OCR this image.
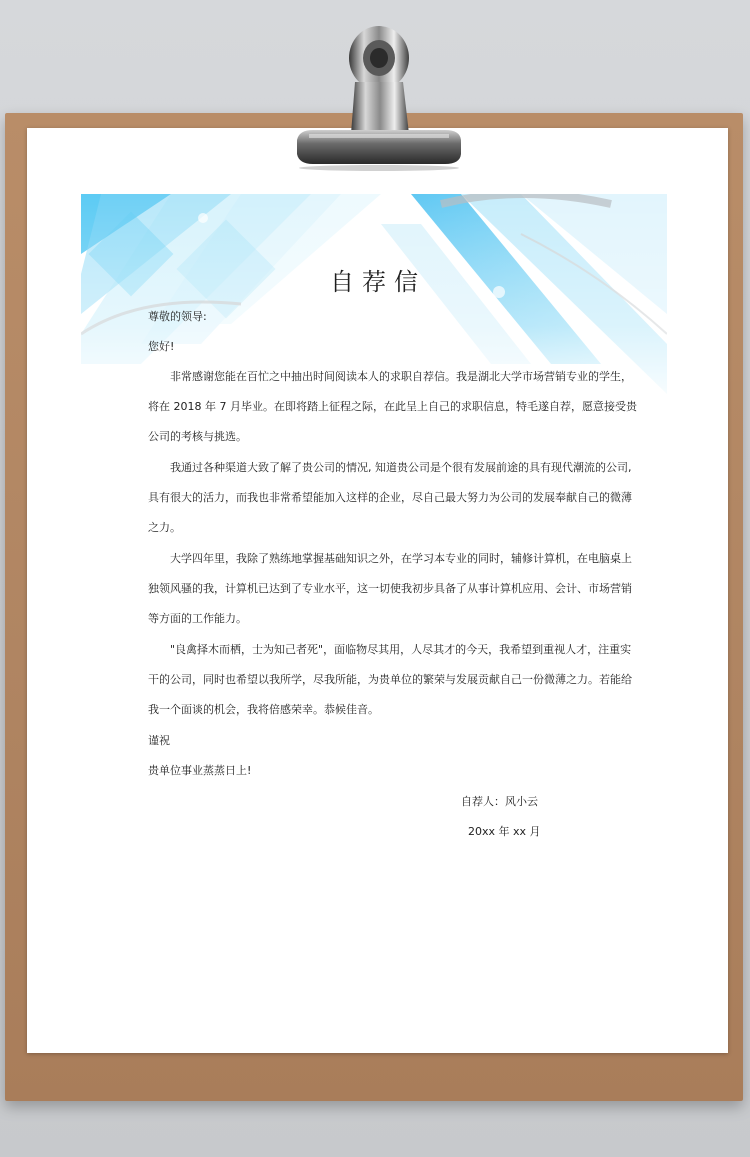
自荐信
尊敬的领导:
您好!
非常感谢您能在百忙之中抽出时间阅读本人的求职自荐信。我是湖北大学市场营销专业的学生，
将在 2018 年 7 月毕业。在即将踏上征程之际，在此呈上自己的求职信息，特毛遂自荐，愿意接受贵
公司的考核与挑选。
我通过各种渠道大致了解了贵公司的情况, 知道贵公司是个很有发展前途的具有现代潮流的公司,
具有很大的活力，而我也非常希望能加入这样的企业，尽自己最大努力为公司的发展奉献自己的微薄
之力。
大学四年里，我除了熟练地掌握基础知识之外，在学习本专业的同时，辅修计算机，在电脑桌上
独领风骚的我，计算机已达到了专业水平，这一切使我初步具备了从事计算机应用、会计、市场营销
等方面的工作能力。
"良禽择木而栖，士为知己者死"，面临物尽其用，人尽其才的今天，我希望到重视人才，注重实
干的公司，同时也希望以我所学，尽我所能，为贵单位的繁荣与发展贡献自己一份微薄之力。若能给
我一个面谈的机会，我将倍感荣幸。恭候佳音。
谨祝
贵单位事业蒸蒸日上!
自荐人：风小云
20xx 年 xx 月
